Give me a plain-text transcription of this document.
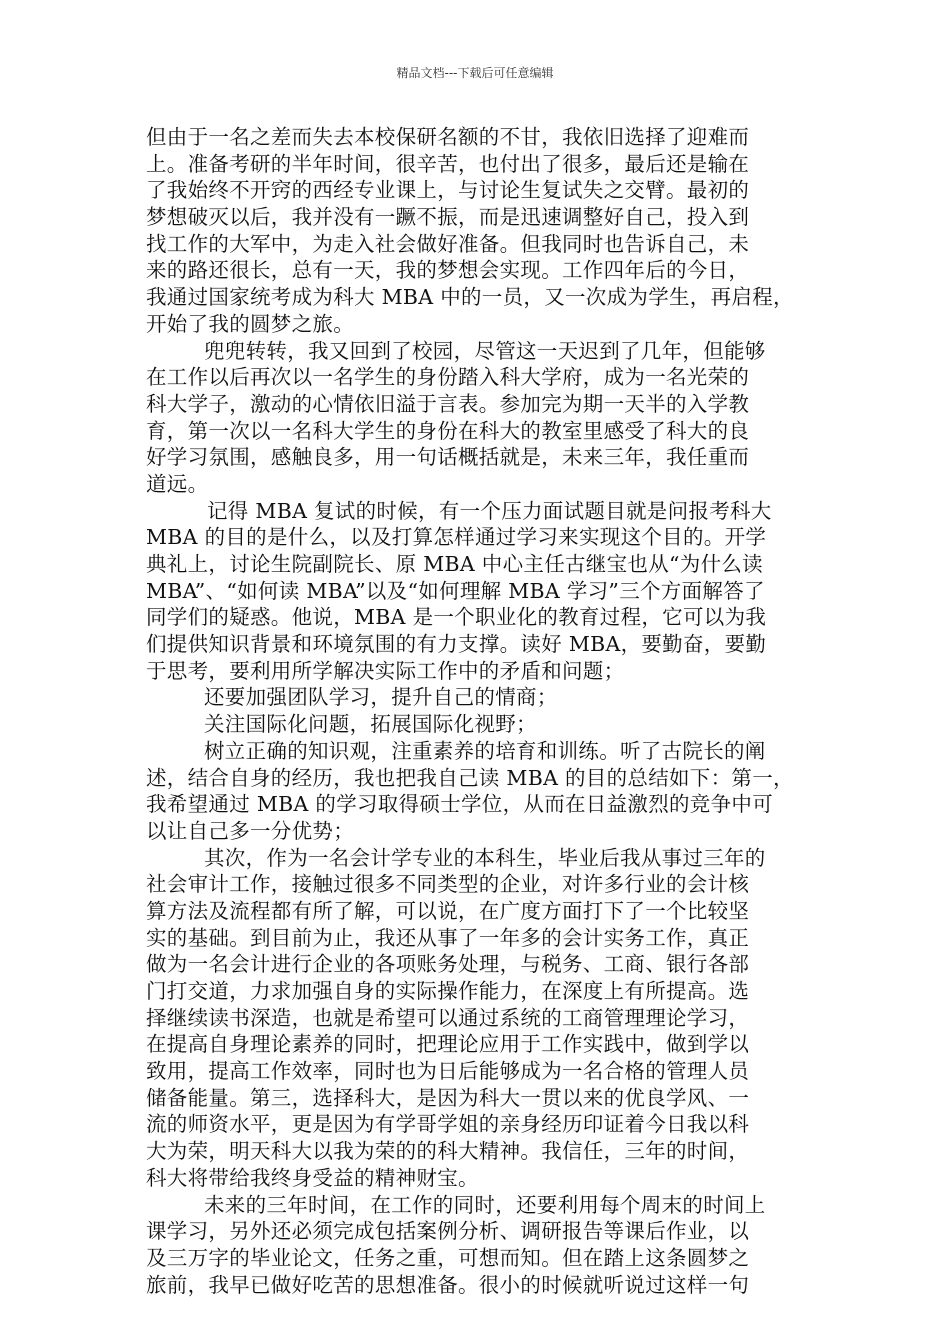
精品文档---下载后可任意编辑
但由于一名之差而失去本校保研名额的不甘，我依旧选择了迎难而
上。准备考研的半年时间，很辛苦，也付出了很多，最后还是输在
了我始终不开窍的西经专业课上，与讨论生复试失之交臂。最初的
梦想破灭以后，我并没有一蹶不振，而是迅速调整好自己，投入到
找工作的大军中，为走入社会做好准备。但我同时也告诉自己，未
来的路还很长，总有一天，我的梦想会实现。工作四年后的今日，
我通过国家统考成为科大 MBA 中的一员，又一次成为学生，再启程，
开始了我的圆梦之旅。
兜兜转转，我又回到了校园，尽管这一天迟到了几年，但能够
在工作以后再次以一名学生的身份踏入科大学府，成为一名光荣的
科大学子，激动的心情依旧溢于言表。参加完为期一天半的入学教
育，第一次以一名科大学生的身份在科大的教室里感受了科大的良
好学习氛围，感触良多，用一句话概括就是，未来三年，我任重而
道远。
记得 MBA 复试的时候，有一个压力面试题目就是问报考科大
MBA 的目的是什么，以及打算怎样通过学习来实现这个目的。开学
典礼上，讨论生院副院长、原 MBA 中心主任古继宝也从“为什么读
MBA”、“如何读 MBA”以及“如何理解 MBA 学习”三个方面解答了
同学们的疑惑。他说，MBA 是一个职业化的教育过程，它可以为我
们提供知识背景和环境氛围的有力支撑。读好 MBA，要勤奋，要勤
于思考，要利用所学解决实际工作中的矛盾和问题；
还要加强团队学习，提升自己的情商；
关注国际化问题，拓展国际化视野；
树立正确的知识观，注重素养的培育和训练。听了古院长的阐
述，结合自身的经历，我也把我自己读 MBA 的目的总结如下：第一，
我希望通过 MBA 的学习取得硕士学位，从而在日益激烈的竞争中可
以让自己多一分优势；
其次，作为一名会计学专业的本科生，毕业后我从事过三年的
社会审计工作，接触过很多不同类型的企业，对许多行业的会计核
算方法及流程都有所了解，可以说，在广度方面打下了一个比较坚
实的基础。到目前为止，我还从事了一年多的会计实务工作，真正
做为一名会计进行企业的各项账务处理，与税务、工商、银行各部
门打交道，力求加强自身的实际操作能力，在深度上有所提高。选
择继续读书深造，也就是希望可以通过系统的工商管理理论学习，
在提高自身理论素养的同时，把理论应用于工作实践中，做到学以
致用，提高工作效率，同时也为日后能够成为一名合格的管理人员
储备能量。第三，选择科大，是因为科大一贯以来的优良学风、一
流的师资水平，更是因为有学哥学姐的亲身经历印证着今日我以科
大为荣，明天科大以我为荣的的科大精神。我信任，三年的时间，
科大将带给我终身受益的精神财宝。
未来的三年时间，在工作的同时，还要利用每个周末的时间上
课学习，另外还必须完成包括案例分析、调研报告等课后作业，以
及三万字的毕业论文，任务之重，可想而知。但在踏上这条圆梦之
旅前，我早已做好吃苦的思想准备。很小的时候就听说过这样一句
